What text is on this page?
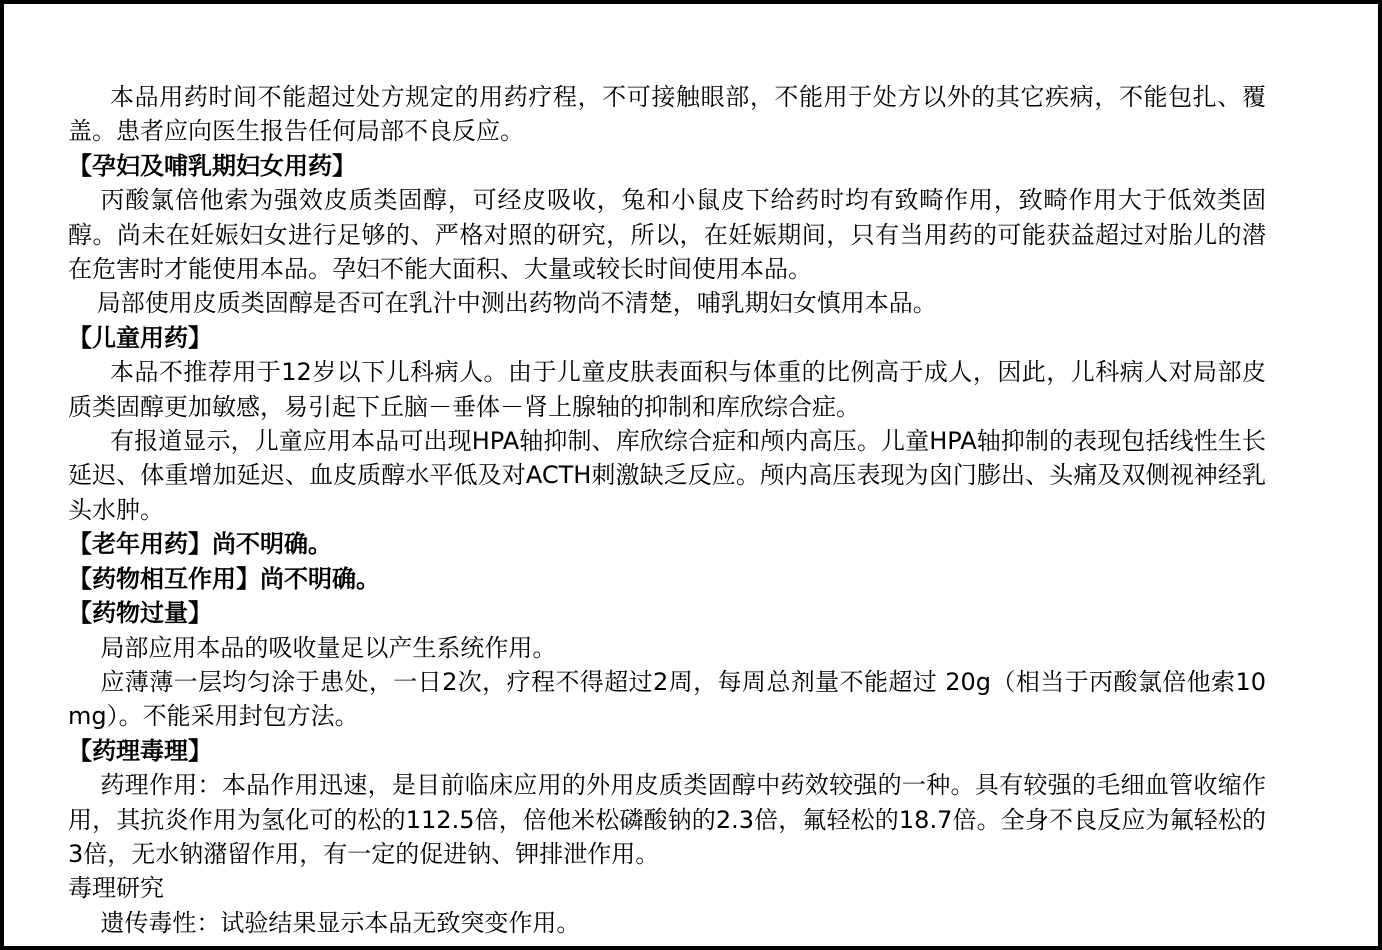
本品用药时间不能超过处方规定的用药疗程，不可接触眼部，不能用于处方以外的其它疾病，不能包扎、覆盖。患者应向医生报告任何局部不良反应。

【孕妇及哺乳期妇女用药】

丙酸氯倍他索为强效皮质类固醇，可经皮吸收，兔和小鼠皮下给药时均有致畸作用，致畸作用大于低效类固醇。尚未在妊娠妇女进行足够的、严格对照的研究，所以，在妊娠期间，只有当用药的可能获益超过对胎儿的潜在危害时才能使用本品。孕妇不能大面积、大量或较长时间使用本品。

局部使用皮质类固醇是否可在乳汁中测出药物尚不清楚，哺乳期妇女慎用本品。

【儿童用药】

本品不推荐用于12岁以下儿科病人。由于儿童皮肤表面积与体重的比例高于成人，因此，儿科病人对局部皮质类固醇更加敏感，易引起下丘脑－垂体－肾上腺轴的抑制和库欣综合症。

有报道显示，儿童应用本品可出现HPA轴抑制、库欣综合症和颅内高压。儿童HPA轴抑制的表现包括线性生长延迟、体重增加延迟、血皮质醇水平低及对ACTH刺激缺乏反应。颅内高压表现为囟门膨出、头痛及双侧视神经乳头水肿。

【老年用药】尚不明确。

【药物相互作用】尚不明确。

【药物过量】

局部应用本品的吸收量足以产生系统作用。

应薄薄一层均匀涂于患处，一日2次，疗程不得超过2周，每周总剂量不能超过 20g（相当于丙酸氯倍他索10mg）。不能采用封包方法。

【药理毒理】

药理作用：本品作用迅速，是目前临床应用的外用皮质类固醇中药效较强的一种。具有较强的毛细血管收缩作用，其抗炎作用为氢化可的松的112.5倍，倍他米松磷酸钠的2.3倍，氟轻松的18.7倍。全身不良反应为氟轻松的3倍，无水钠潴留作用，有一定的促进钠、钾排泄作用。

毒理研究

遗传毒性：试验结果显示本品无致突变作用。
